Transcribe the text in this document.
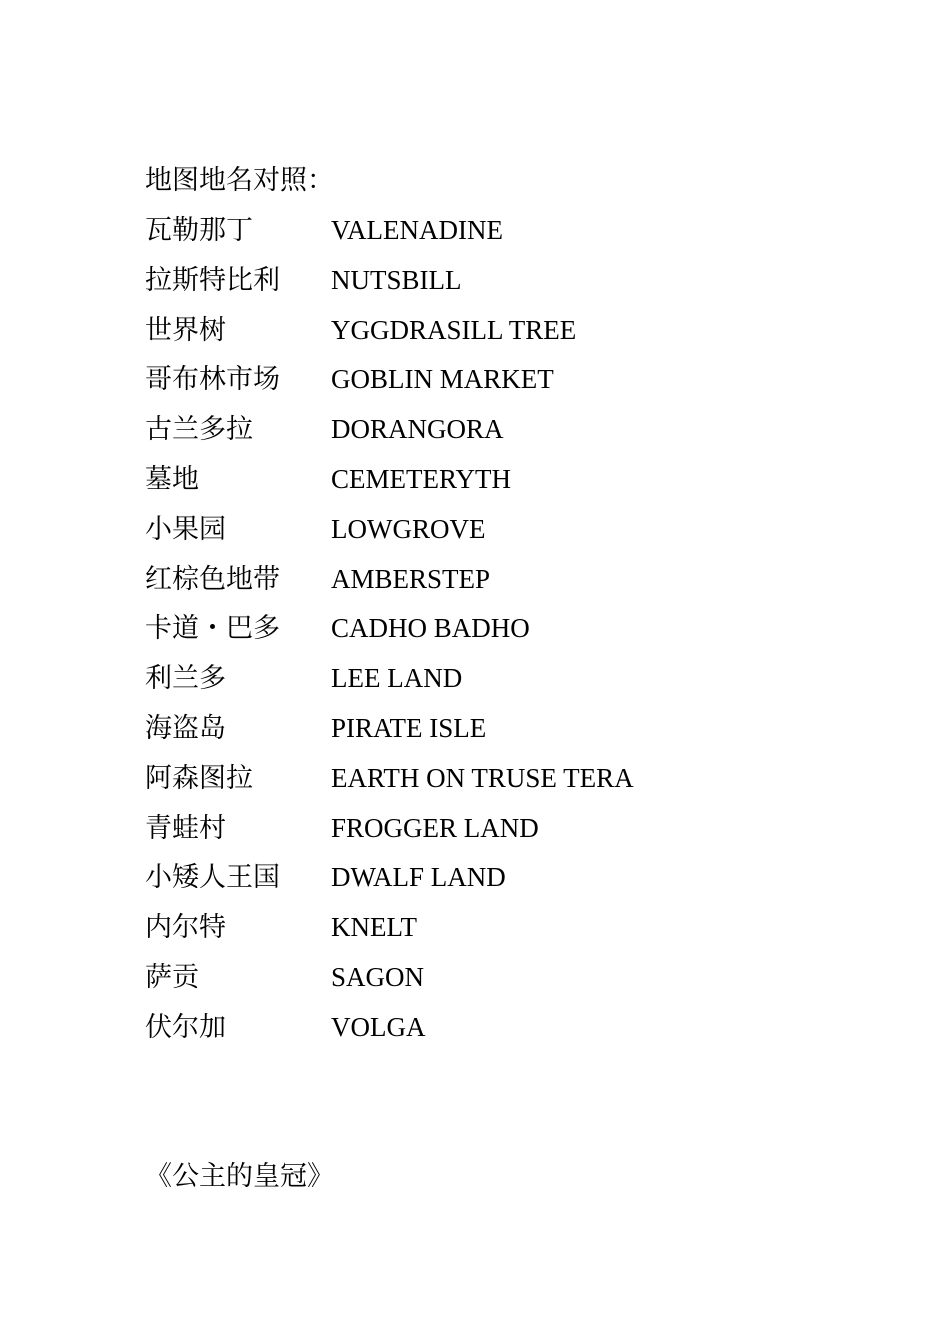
地图地名对照：
瓦勒那丁	VALENADINE
拉斯特比利	NUTSBILL
世界树	YGGDRASILL TREE
哥布林市场	GOBLIN MARKET
古兰多拉	DORANGORA
墓地	CEMETERYTH
小果园	LOWGROVE
红棕色地带	AMBERSTEP
卡道・巴多	CADHO BADHO
利兰多	LEE LAND
海盗岛	PIRATE ISLE
阿森图拉	EARTH ON TRUSE TERA
青蛙村	FROGGER LAND
小矮人王国	DWALF LAND
内尔特	KNELT
萨贡	SAGON
伏尔加	VOLGA
《公主的皇冠》
